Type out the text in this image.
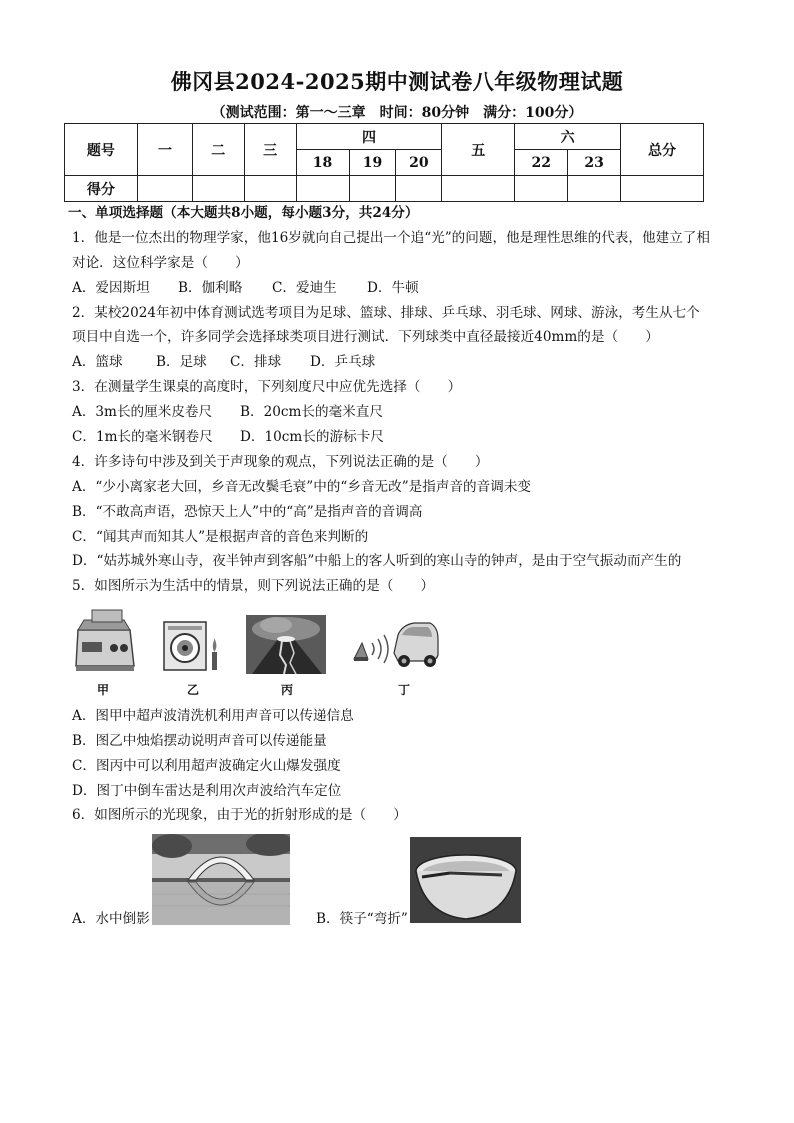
佛冈县2024-2025期中测试卷八年级物理试题
（测试范围：第一～三章　时间：80分钟　满分：100分）
题号	一	二	三	四			五	六		总分
				18	19	20		22	23	
得分										
一、单项选择题（本大题共8小题，每小题3分，共24分）
1．他是一位杰出的物理学家，他16岁就向自己提出一个追“光”的问题，他是理性思维的代表，他建立了相
对论．这位科学家是（　　）
A．爱因斯坦 B．伽利略 C．爱迪生 D．牛顿
2．某校2024年初中体育测试选考项目为足球、篮球、排球、乒乓球、羽毛球、网球、游泳，考生从七个
项目中自选一个，许多同学会选择球类项目进行测试．下列球类中直径最接近40mm的是（　　）
A．篮球 B．足球 C．排球 D．乒乓球
3．在测量学生课桌的高度时，下列刻度尺中应优先选择（　　）
A．3m长的厘米皮卷尺 B．20cm长的毫米直尺
C．1m长的毫米钢卷尺 D．10cm长的游标卡尺
4．许多诗句中涉及到关于声现象的观点，下列说法正确的是（　　）
A．“少小离家老大回，乡音无改鬓毛衰”中的“乡音无改”是指声音的音调未变
B．“不敢高声语，恐惊天上人”中的“高”是指声音的音调高
C．“闻其声而知其人”是根据声音的音色来判断的
D．“姑苏城外寒山寺，夜半钟声到客船”中船上的客人听到的寒山寺的钟声，是由于空气振动而产生的
5．如图所示为生活中的情景，则下列说法正确的是（　　）
甲	乙	丙	丁
A．图甲中超声波清洗机利用声音可以传递信息
B．图乙中烛焰摆动说明声音可以传递能量
C．图丙中可以利用超声波确定火山爆发强度
D．图丁中倒车雷达是利用次声波给汽车定位
6．如图所示的光现象，由于光的折射形成的是（　　）
A．水中倒影	B．筷子“弯折”
